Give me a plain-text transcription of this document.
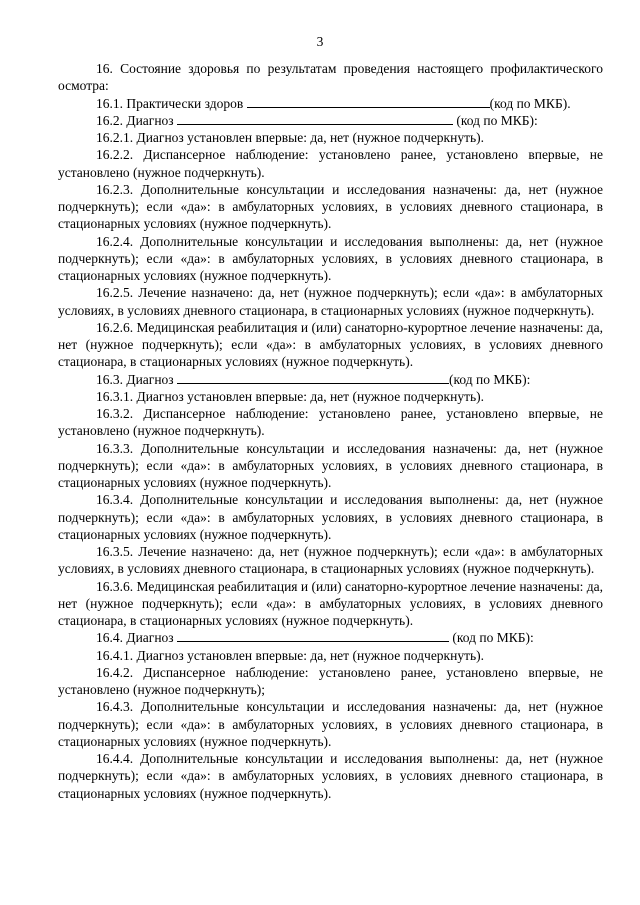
3

16. Состояние здоровья по результатам проведения настоящего профилактического осмотра:

16.1. Практически здоров	(код по МКБ).

16.2. Диагноз	(код по МКБ):

16.2.1. Диагноз установлен впервые: да, нет (нужное подчеркнуть).

16.2.2. Диспансерное наблюдение: установлено ранее, установлено впервые, не установлено (нужное подчеркнуть).

16.2.3. Дополнительные консультации и исследования назначены: да, нет (нужное подчеркнуть); если «да»: в амбулаторных условиях, в условиях дневного стационара, в стационарных условиях (нужное подчеркнуть).

16.2.4. Дополнительные консультации и исследования выполнены: да, нет (нужное подчеркнуть); если «да»: в амбулаторных условиях, в условиях дневного стационара, в стационарных условиях (нужное подчеркнуть).

16.2.5. Лечение назначено: да, нет (нужное подчеркнуть); если «да»: в амбулаторных условиях, в условиях дневного стационара, в стационарных условиях (нужное подчеркнуть).

16.2.6. Медицинская реабилитация и (или) санаторно-курортное лечение назначены: да, нет (нужное подчеркнуть); если «да»: в амбулаторных условиях, в условиях дневного стационара, в стационарных условиях (нужное подчеркнуть).

16.3. Диагноз	(код по МКБ):

16.3.1. Диагноз установлен впервые: да, нет (нужное подчеркнуть).

16.3.2. Диспансерное наблюдение: установлено ранее, установлено впервые, не установлено (нужное подчеркнуть).

16.3.3. Дополнительные консультации и исследования назначены: да, нет (нужное подчеркнуть); если «да»: в амбулаторных условиях, в условиях дневного стационара, в стационарных условиях (нужное подчеркнуть).

16.3.4. Дополнительные консультации и исследования выполнены: да, нет (нужное подчеркнуть); если «да»: в амбулаторных условиях, в условиях дневного стационара, в стационарных условиях (нужное подчеркнуть).

16.3.5. Лечение назначено: да, нет (нужное подчеркнуть); если «да»: в амбулаторных условиях, в условиях дневного стационара, в стационарных условиях (нужное подчеркнуть).

16.3.6. Медицинская реабилитация и (или) санаторно-курортное лечение назначены: да, нет (нужное подчеркнуть); если «да»: в амбулаторных условиях, в условиях дневного стационара, в стационарных условиях (нужное подчеркнуть).

16.4. Диагноз	(код по МКБ):

16.4.1. Диагноз установлен впервые: да, нет (нужное подчеркнуть).

16.4.2. Диспансерное наблюдение: установлено ранее, установлено впервые, не установлено (нужное подчеркнуть);

16.4.3. Дополнительные консультации и исследования назначены: да, нет (нужное подчеркнуть); если «да»: в амбулаторных условиях, в условиях дневного стационара, в стационарных условиях (нужное подчеркнуть).

16.4.4. Дополнительные консультации и исследования выполнены: да, нет (нужное подчеркнуть); если «да»: в амбулаторных условиях, в условиях дневного стационара, в стационарных условиях (нужное подчеркнуть).
